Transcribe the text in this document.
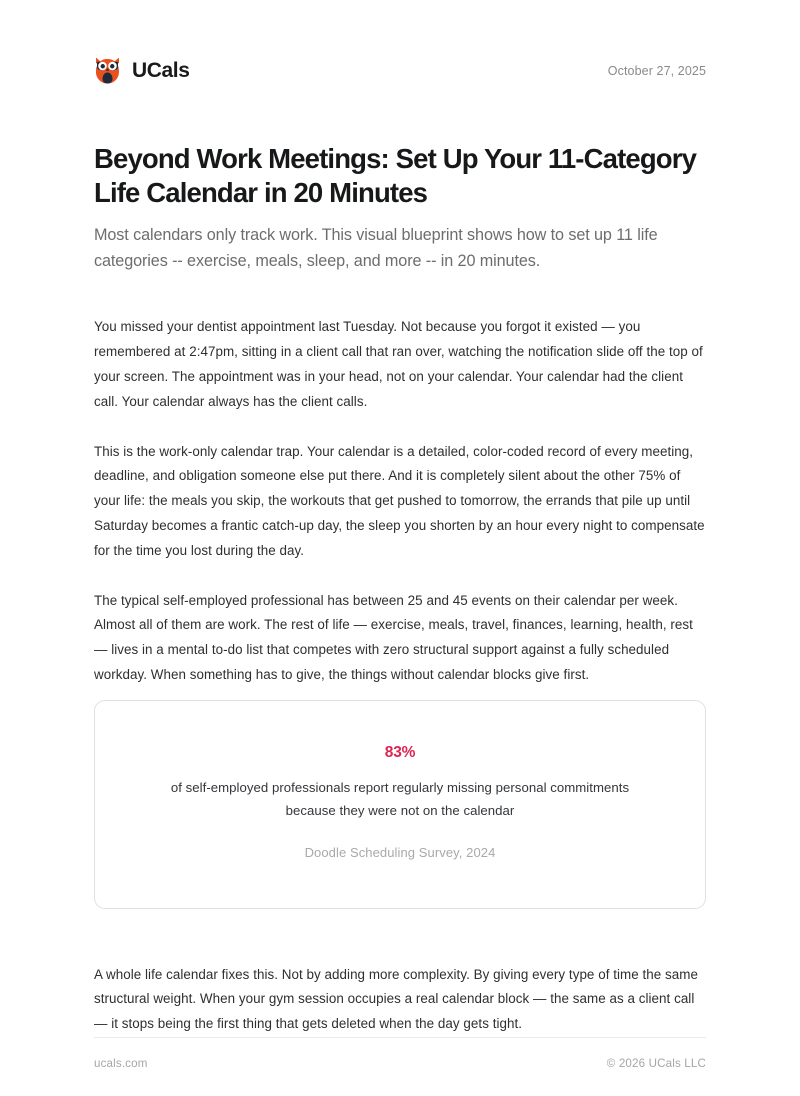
UCals	October 27, 2025
Beyond Work Meetings: Set Up Your 11-Category Life Calendar in 20 Minutes

Most calendars only track work. This visual blueprint shows how to set up 11 life categories -- exercise, meals, sleep, and more -- in 20 minutes.

You missed your dentist appointment last Tuesday. Not because you forgot it existed — you remembered at 2:47pm, sitting in a client call that ran over, watching the notification slide off the top of your screen. The appointment was in your head, not on your calendar. Your calendar had the client call. Your calendar always has the client calls.

This is the work-only calendar trap. Your calendar is a detailed, color-coded record of every meeting, deadline, and obligation someone else put there. And it is completely silent about the other 75% of your life: the meals you skip, the workouts that get pushed to tomorrow, the errands that pile up until Saturday becomes a frantic catch-up day, the sleep you shorten by an hour every night to compensate for the time you lost during the day.

The typical self-employed professional has between 25 and 45 events on their calendar per week. Almost all of them are work. The rest of life — exercise, meals, travel, finances, learning, health, rest — lives in a mental to-do list that competes with zero structural support against a fully scheduled workday. When something has to give, the things without calendar blocks give first.

83%
of self-employed professionals report regularly missing personal commitments because they were not on the calendar
Doodle Scheduling Survey, 2024

A whole life calendar fixes this. Not by adding more complexity. By giving every type of time the same structural weight. When your gym session occupies a real calendar block — the same as a client call — it stops being the first thing that gets deleted when the day gets tight.

ucals.com	© 2026 UCals LLC
